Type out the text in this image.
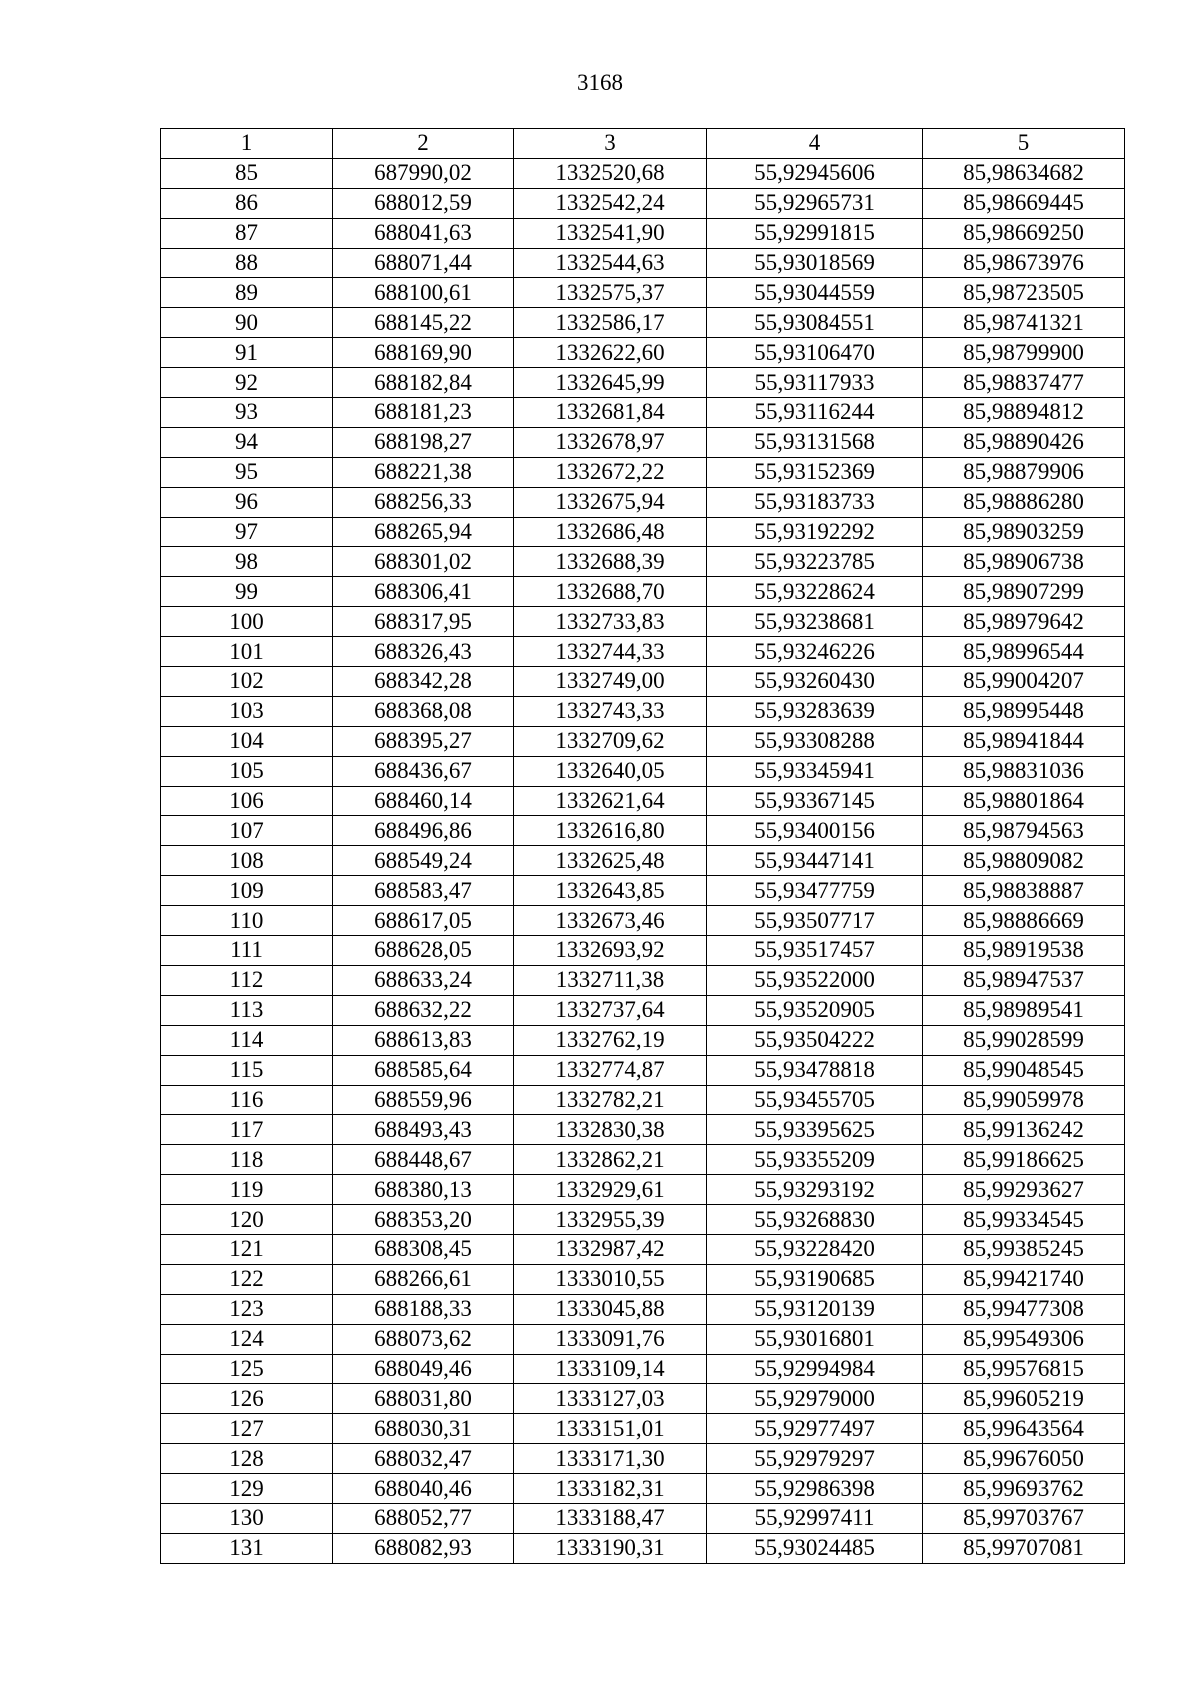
3168
1	2	3	4	5
85	687990,02	1332520,68	55,92945606	85,98634682
86	688012,59	1332542,24	55,92965731	85,98669445
87	688041,63	1332541,90	55,92991815	85,98669250
88	688071,44	1332544,63	55,93018569	85,98673976
89	688100,61	1332575,37	55,93044559	85,98723505
90	688145,22	1332586,17	55,93084551	85,98741321
91	688169,90	1332622,60	55,93106470	85,98799900
92	688182,84	1332645,99	55,93117933	85,98837477
93	688181,23	1332681,84	55,93116244	85,98894812
94	688198,27	1332678,97	55,93131568	85,98890426
95	688221,38	1332672,22	55,93152369	85,98879906
96	688256,33	1332675,94	55,93183733	85,98886280
97	688265,94	1332686,48	55,93192292	85,98903259
98	688301,02	1332688,39	55,93223785	85,98906738
99	688306,41	1332688,70	55,93228624	85,98907299
100	688317,95	1332733,83	55,93238681	85,98979642
101	688326,43	1332744,33	55,93246226	85,98996544
102	688342,28	1332749,00	55,93260430	85,99004207
103	688368,08	1332743,33	55,93283639	85,98995448
104	688395,27	1332709,62	55,93308288	85,98941844
105	688436,67	1332640,05	55,93345941	85,98831036
106	688460,14	1332621,64	55,93367145	85,98801864
107	688496,86	1332616,80	55,93400156	85,98794563
108	688549,24	1332625,48	55,93447141	85,98809082
109	688583,47	1332643,85	55,93477759	85,98838887
110	688617,05	1332673,46	55,93507717	85,98886669
111	688628,05	1332693,92	55,93517457	85,98919538
112	688633,24	1332711,38	55,93522000	85,98947537
113	688632,22	1332737,64	55,93520905	85,98989541
114	688613,83	1332762,19	55,93504222	85,99028599
115	688585,64	1332774,87	55,93478818	85,99048545
116	688559,96	1332782,21	55,93455705	85,99059978
117	688493,43	1332830,38	55,93395625	85,99136242
118	688448,67	1332862,21	55,93355209	85,99186625
119	688380,13	1332929,61	55,93293192	85,99293627
120	688353,20	1332955,39	55,93268830	85,99334545
121	688308,45	1332987,42	55,93228420	85,99385245
122	688266,61	1333010,55	55,93190685	85,99421740
123	688188,33	1333045,88	55,93120139	85,99477308
124	688073,62	1333091,76	55,93016801	85,99549306
125	688049,46	1333109,14	55,92994984	85,99576815
126	688031,80	1333127,03	55,92979000	85,99605219
127	688030,31	1333151,01	55,92977497	85,99643564
128	688032,47	1333171,30	55,92979297	85,99676050
129	688040,46	1333182,31	55,92986398	85,99693762
130	688052,77	1333188,47	55,92997411	85,99703767
131	688082,93	1333190,31	55,93024485	85,99707081
